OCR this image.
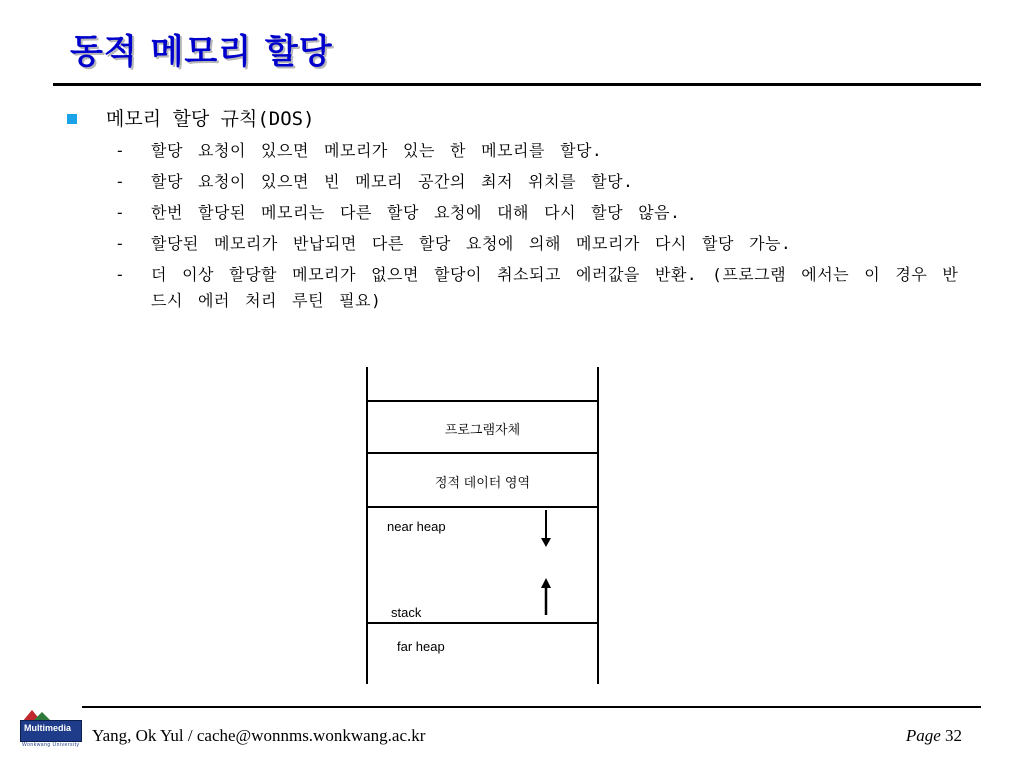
동적 메모리 할당
메모리 할당 규칙(DOS)
- 할당 요청이 있으면 메모리가 있는 한 메모리를 할당.
- 할당 요청이 있으면 빈 메모리 공간의 최저 위치를 할당.
- 한번 할당된 메모리는 다른 할당 요청에 대해 다시 할당 않음.
- 할당된 메모리가 반납되면 다른 할당 요청에 의해 메모리가 다시 할당 가능.
- 더 이상 할당할 메모리가 없으면 할당이 취소되고 에러값을 반환. (프로그램 에서는 이 경우 반드시 에러 처리 루틴 필요)
프로그램자체
정적 데이터 영역
near heap
stack
far heap
Multimedia
Wonkwang University Yang, Ok Yul / cache@wonnms.wonkwang.ac.kr	Page 32
